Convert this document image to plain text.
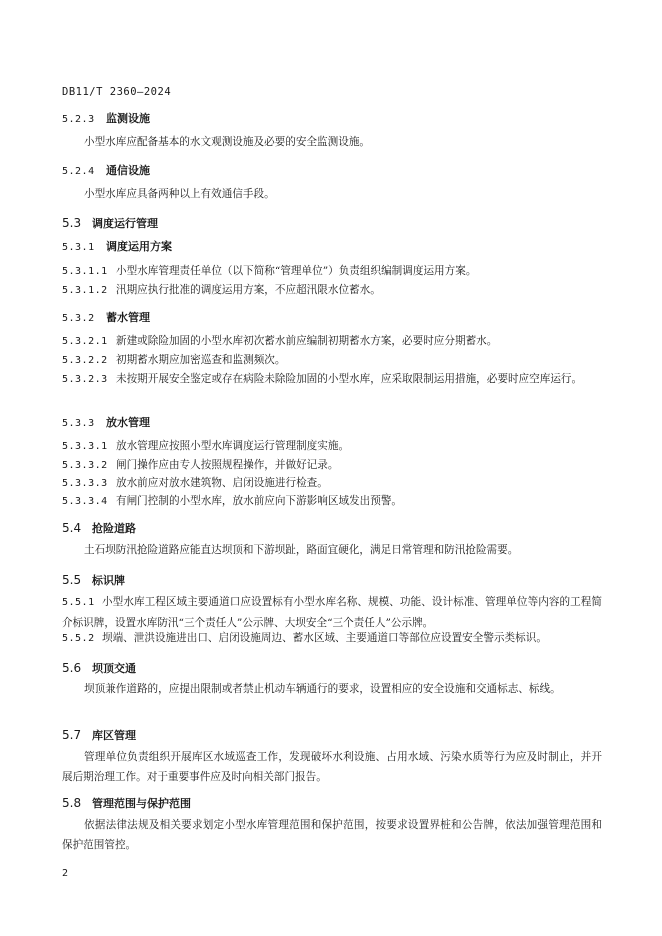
DB11/T 2360—2024
5.2.3 监测设施
小型水库应配备基本的水文观测设施及必要的安全监测设施。
5.2.4 通信设施
小型水库应具备两种以上有效通信手段。
5.3 调度运行管理
5.3.1 调度运用方案
5.3.1.1 小型水库管理责任单位（以下简称“管理单位”）负责组织编制调度运用方案。
5.3.1.2 汛期应执行批准的调度运用方案，不应超汛限水位蓄水。
5.3.2 蓄水管理
5.3.2.1 新建或除险加固的小型水库初次蓄水前应编制初期蓄水方案，必要时应分期蓄水。
5.3.2.2 初期蓄水期应加密巡查和监测频次。
5.3.2.3 未按期开展安全鉴定或存在病险未除险加固的小型水库，应采取限制运用措施，必要时应空库运行。
5.3.3 放水管理
5.3.3.1 放水管理应按照小型水库调度运行管理制度实施。
5.3.3.2 闸门操作应由专人按照规程操作，并做好记录。
5.3.3.3 放水前应对放水建筑物、启闭设施进行检查。
5.3.3.4 有闸门控制的小型水库，放水前应向下游影响区域发出预警。
5.4 抢险道路
土石坝防汛抢险道路应能直达坝顶和下游坝趾，路面宜硬化，满足日常管理和防汛抢险需要。
5.5 标识牌
5.5.1 小型水库工程区域主要通道口应设置标有小型水库名称、规模、功能、设计标准、管理单位等内容的工程简介标识牌，设置水库防汛“三个责任人”公示牌、大坝安全“三个责任人”公示牌。
5.5.2 坝端、泄洪设施进出口、启闭设施周边、蓄水区域、主要通道口等部位应设置安全警示类标识。
5.6 坝顶交通
坝顶兼作道路的，应提出限制或者禁止机动车辆通行的要求，设置相应的安全设施和交通标志、标线。
5.7 库区管理
管理单位负责组织开展库区水域巡查工作，发现破坏水利设施、占用水域、污染水质等行为应及时制止，并开展后期治理工作。对于重要事件应及时向相关部门报告。
5.8 管理范围与保护范围
依据法律法规及相关要求划定小型水库管理范围和保护范围，按要求设置界桩和公告牌，依法加强管理范围和保护范围管控。
2
